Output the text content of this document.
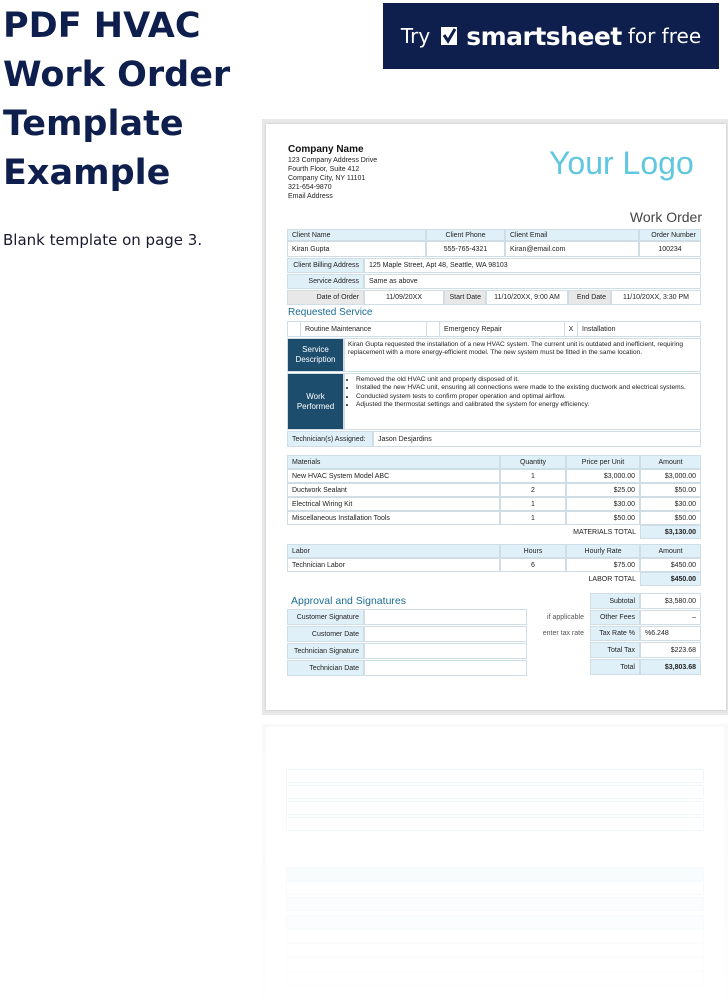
PDF HVAC Work Order Template Example
Blank template on page 3.
Try smartsheet for free
Company Name
123 Company Address Drive
Fourth Floor, Suite 412
Company City, NY 11101
321-654-9870
Email Address
Your Logo
Work Order
Client Name	Client Phone	Client Email	Order Number
Kiran Gupta	555-765-4321	Kiran@email.com	100234
Client Billing Address	125 Maple Street, Apt 48, Seattle, WA 98103
Service Address	Same as above
Date of Order	11/09/20XX	Start Date	11/10/20XX, 9:00 AM	End Date	11/10/20XX, 3:30 PM
Requested Service
Routine Maintenance	Emergency Repair	X	Installation
Service Description
Kiran Gupta requested the installation of a new HVAC system. The current unit is outdated and inefficient, requiring replacement with a more energy-efficient model. The new system must be fitted in the same location.
Work Performed
• Removed the old HVAC unit and properly disposed of it.
• Installed the new HVAC unit, ensuring all connections were made to the existing ductwork and electrical systems.
• Conducted system tests to confirm proper operation and optimal airflow.
• Adjusted the thermostat settings and calibrated the system for energy efficiency.
Technician(s) Assigned:	Jason Desjardins
Materials	Quantity	Price per Unit	Amount
New HVAC System Model ABC	1	$3,000.00	$3,000.00
Ductwork Sealant	2	$25.00	$50.00
Electrical Wiring Kit	1	$30.00	$30.00
Miscellaneous Installation Tools	1	$50.00	$50.00
MATERIALS TOTAL	$3,130.00
Labor	Hours	Hourly Rate	Amount
Technician Labor	6	$75.00	$450.00
LABOR TOTAL	$450.00
Approval and Signatures
Customer Signature
Customer Date
Technician Signature
Technician Date
if applicable
enter tax rate
Subtotal	$3,580.00
Other Fees	–
Tax Rate %	%6.248
Total Tax	$223.68
Total	$3,803.68
